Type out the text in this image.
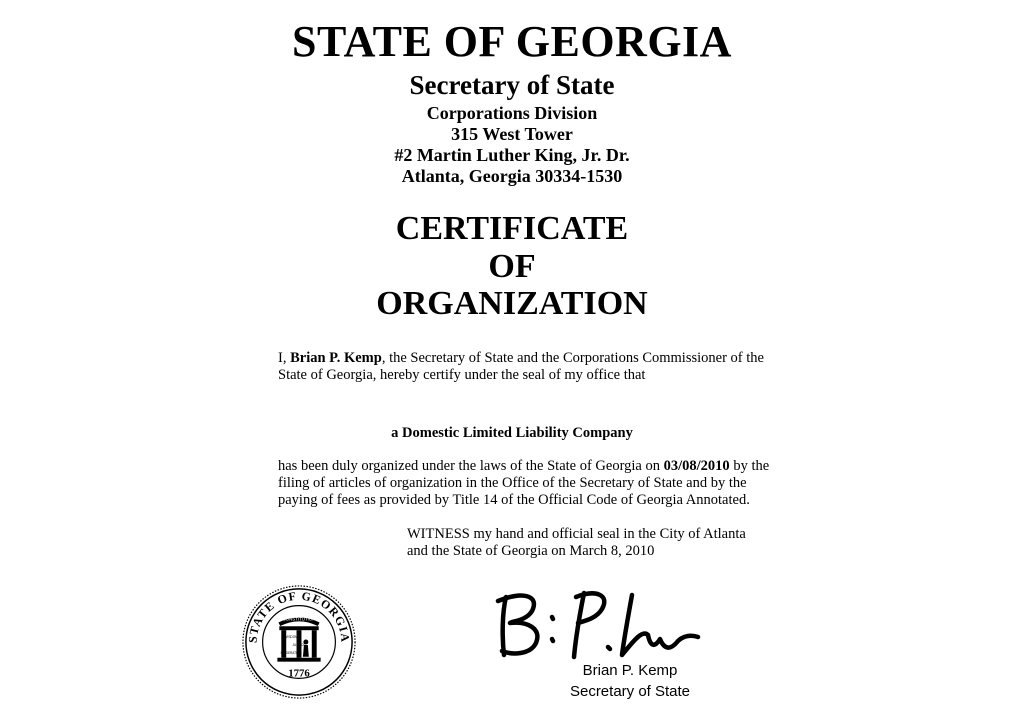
STATE OF GEORGIA
Secretary of State
Corporations Division
315 West Tower
#2 Martin Luther King, Jr. Dr.
Atlanta, Georgia 30334-1530
CERTIFICATE
OF
ORGANIZATION
I, Brian P. Kemp, the Secretary of State and the Corporations Commissioner of the
State of Georgia, hereby certify under the seal of my office that
a Domestic Limited Liability Company
has been duly organized under the laws of the State of Georgia on 03/08/2010 by the
filing of articles of organization in the Office of the Secretary of State and by the
paying of fees as provided by Title 14 of the Official Code of Georgia Annotated.
WITNESS my hand and official seal in the City of Atlanta
and the State of Georgia on March 8, 2010
STATE OF GEORGIA
CONSTITUTION
WISDOM
JUSTICE
MODERATION
1776	Brian P. Kemp
Secretary of State
